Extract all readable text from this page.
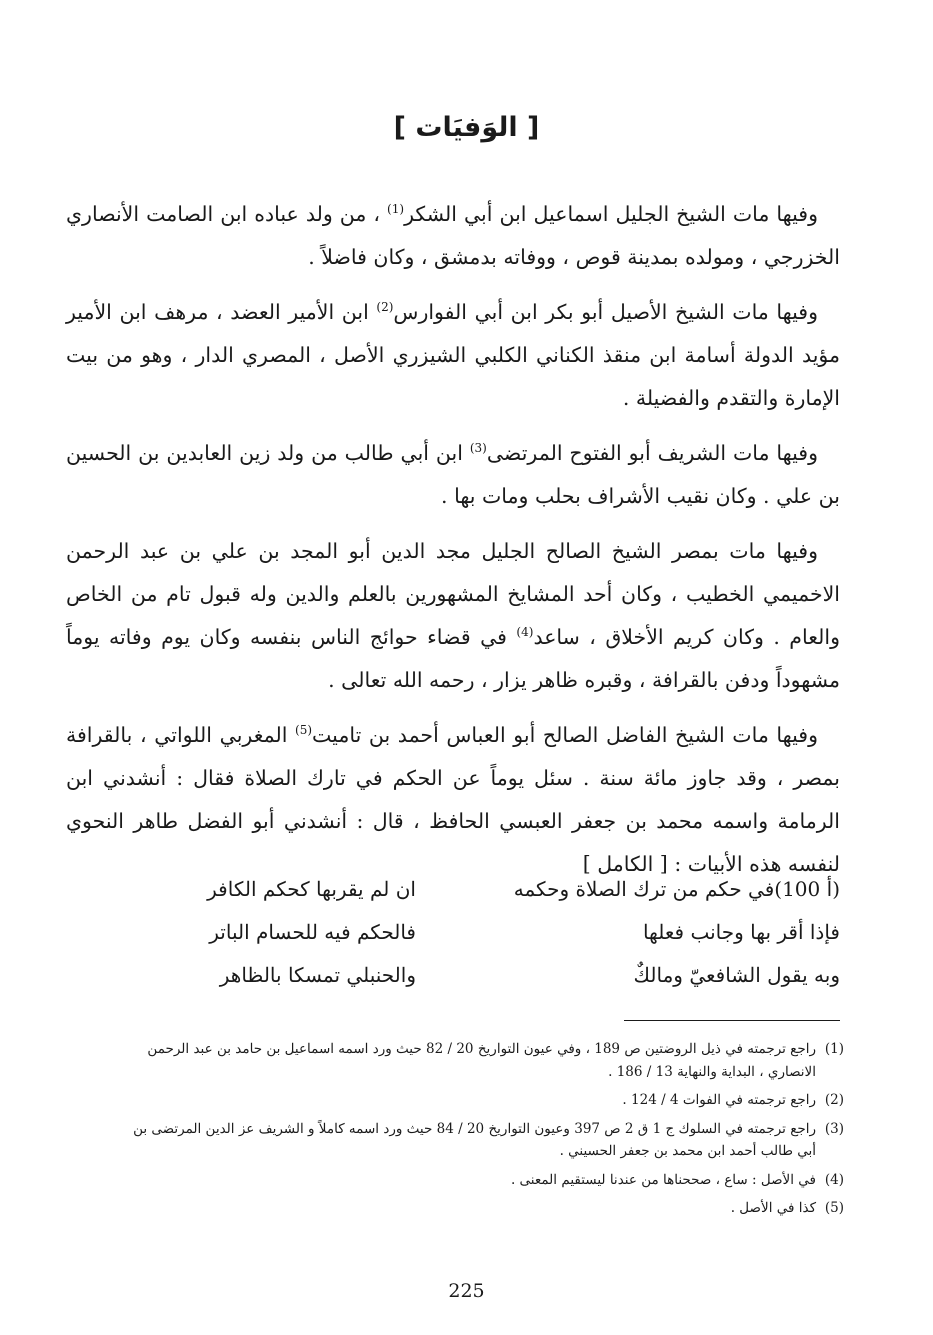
[ الوَفيَات ]

وفيها مات الشيخ الجليل اسماعيل ابن أبي الشكر$^{(1)}$ ، من ولد عباده ابن الصامت الأنصاري الخزرجي ، ومولده بمدينة قوص ، ووفاته بدمشق ، وكان فاضلاً .

وفيها مات الشيخ الأصيل أبو بكر ابن أبي الفوارس$^{(2)}$ ابن الأمير العضد ، مرهف ابن الأمير مؤيد الدولة أسامة ابن منقذ الكناني الكلبي الشيزري الأصل ، المصري الدار ، وهو من بيت الإمارة والتقدم والفضيلة .

وفيها مات الشريف أبو الفتوح المرتضى$^{(3)}$ ابن أبي طالب من ولد زين العابدين بن الحسين بن علي . وكان نقيب الأشراف بحلب ومات بها .

وفيها مات بمصر الشيخ الصالح الجليل مجد الدين أبو المجد بن علي بن عبد الرحمن الاخميمي الخطيب ، وكان أحد المشايخ المشهورين بالعلم والدين وله قبول تام من الخاص والعام . وكان كريم الأخلاق ، ساعد$^{(4)}$ في قضاء حوائج الناس بنفسه وكان يوم وفاته يوماً مشهوداً ودفن بالقرافة ، وقبره ظاهر يزار ، رحمه الله تعالى .

وفيها مات الشيخ الفاضل الصالح أبو العباس أحمد بن تاميت$^{(5)}$ المغربي اللواتي ، بالقرافة بمصر ، وقد جاوز مائة سنة . سئل يوماً عن الحكم في تارك الصلاة فقال : أنشدني ابن الرمامة واسمه محمد بن جعفر العبسي الحافظ ، قال : أنشدني أبو الفضل طاهر النحوي لنفسه هذه الأبيات : [ الكامل ]

(100 أ)في حكم من ترك الصلاة وحكمه
ان لم يقربها كحكم الكافر
فإذا أقر بها وجانب فعلها
فالحكم فيه للحسام الباتر
وبه يقول الشافعيّ ومالكٌ
والحنبلي تمسكا بالظاهر
(1)
راجع ترجمته في ذيل الروضتين ص 189 ، وفي عيون التواريخ 20 / 82 حيث ورد اسمه اسماعيل بن حامد بن عبد الرحمن
الانصاري ، البداية والنهاية 13 / 186 .
(2)
راجع ترجمته في الفوات 4 / 124 .
(3)
راجع ترجمته في السلوك ج 1 ق 2 ص 397 وعيون التواريخ 20 / 84 حيث ورد اسمه كاملاً و الشريف عز الدين المرتضى بن
أبي طالب أحمد ابن محمد بن جعفر الحسيني .
(4)
في الأصل : ساع ، صححناها من عندنا ليستقيم المعنى .
(5)
كذا في الأصل .
225
